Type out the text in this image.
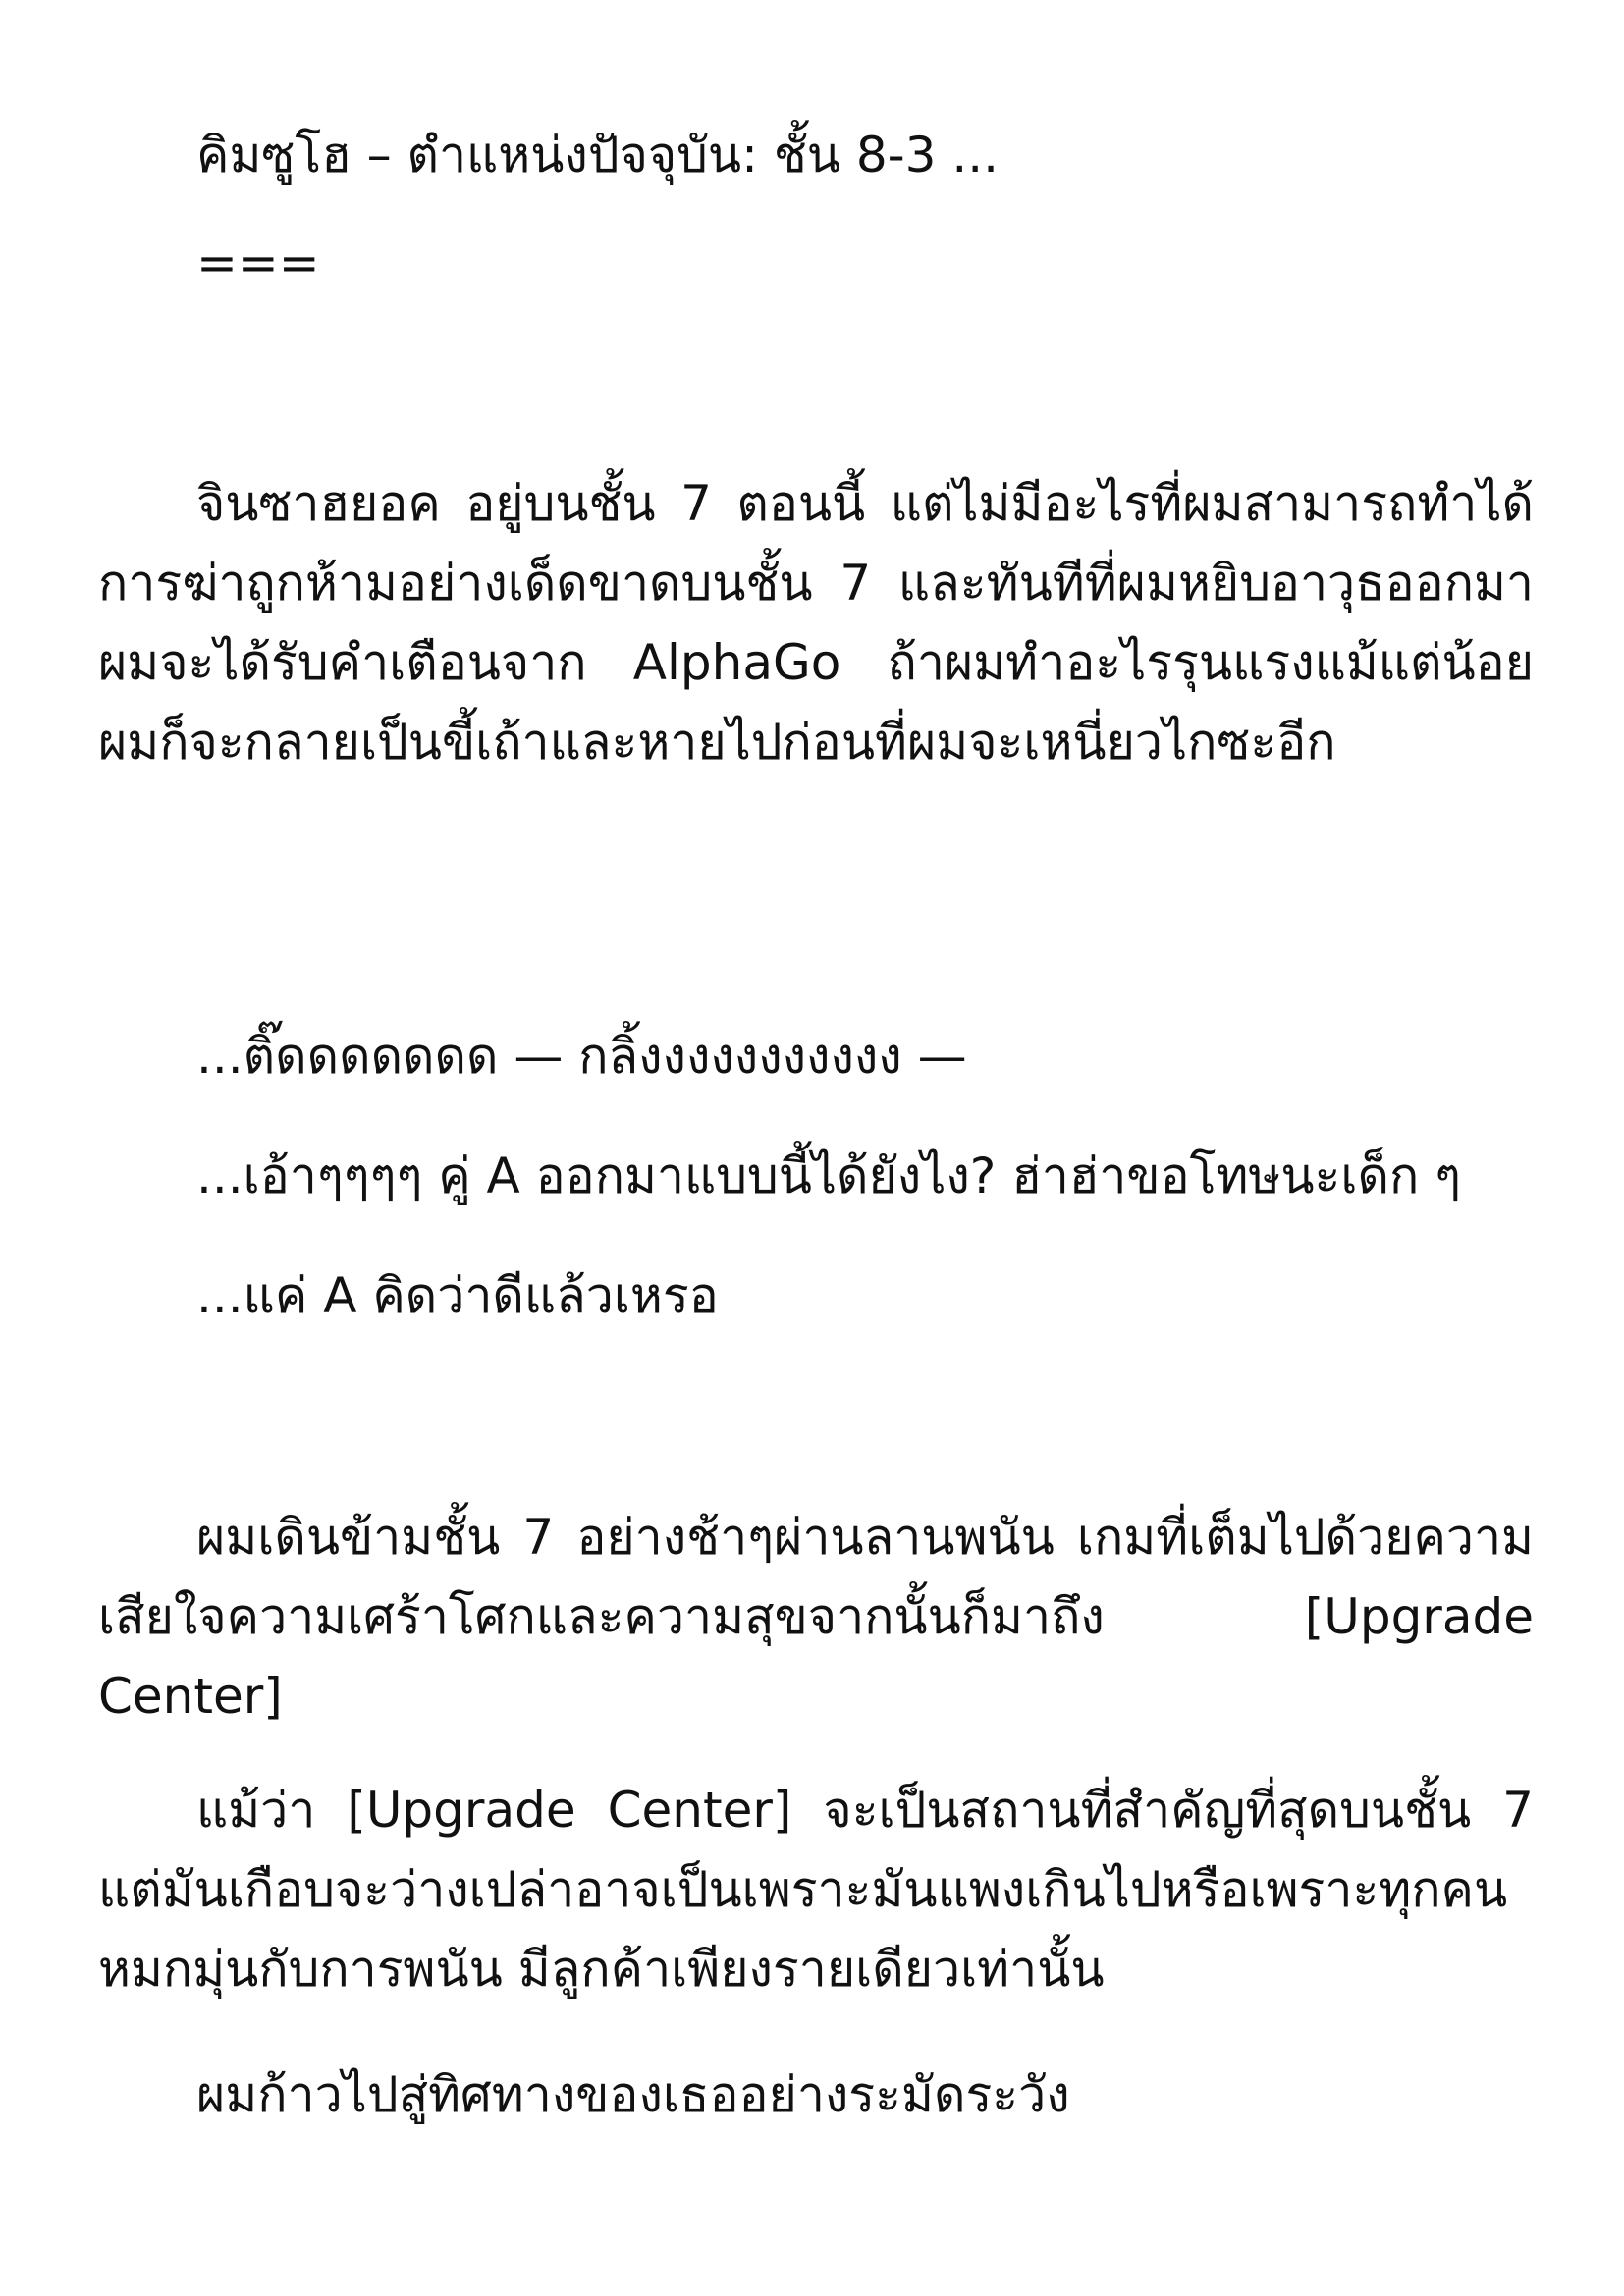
คิมซูโฮ – ตำแหน่งปัจจุบัน: ชั้น 8-3 ...

===

จินซาฮยอค อยู่บนชั้น 7 ตอนนี้ แต่ไม่มีอะไรที่ผมสามารถทำได้ การฆ่าถูกห้ามอย่างเด็ดขาดบนชั้น 7 และทันทีที่ผมหยิบอาวุธออกมาผมจะได้รับคำเตือนจาก AlphaGo ถ้าผมทำอะไรรุนแรงแม้แต่น้อย ผมก็จะกลายเป็นขี้เถ้าและหายไปก่อนที่ผมจะเหนี่ยวไกซะอีก

...ติ๊ดดดดดดด — กลิ้งงงงงงงงงงง —

...เอ้าๆๆๆๆ คู่ A ออกมาแบบนี้ได้ยังไง? ฮ่าฮ่าขอโทษนะเด็ก ๆ

...แค่ A คิดว่าดีแล้วเหรอ

ผมเดินข้ามชั้น 7 อย่างช้าๆผ่านลานพนัน เกมที่เต็มไปด้วยความเสียใจความเศร้าโศกและความสุขจากนั้นก็มาถึง [Upgrade Center]

แม้ว่า [Upgrade Center] จะเป็นสถานที่สำคัญที่สุดบนชั้น 7 แต่มันเกือบจะว่างเปล่าอาจเป็นเพราะมันแพงเกินไปหรือเพราะทุกคนหมกมุ่นกับการพนัน มีลูกค้าเพียงรายเดียวเท่านั้น

ผมก้าวไปสู่ทิศทางของเธออย่างระมัดระวัง
